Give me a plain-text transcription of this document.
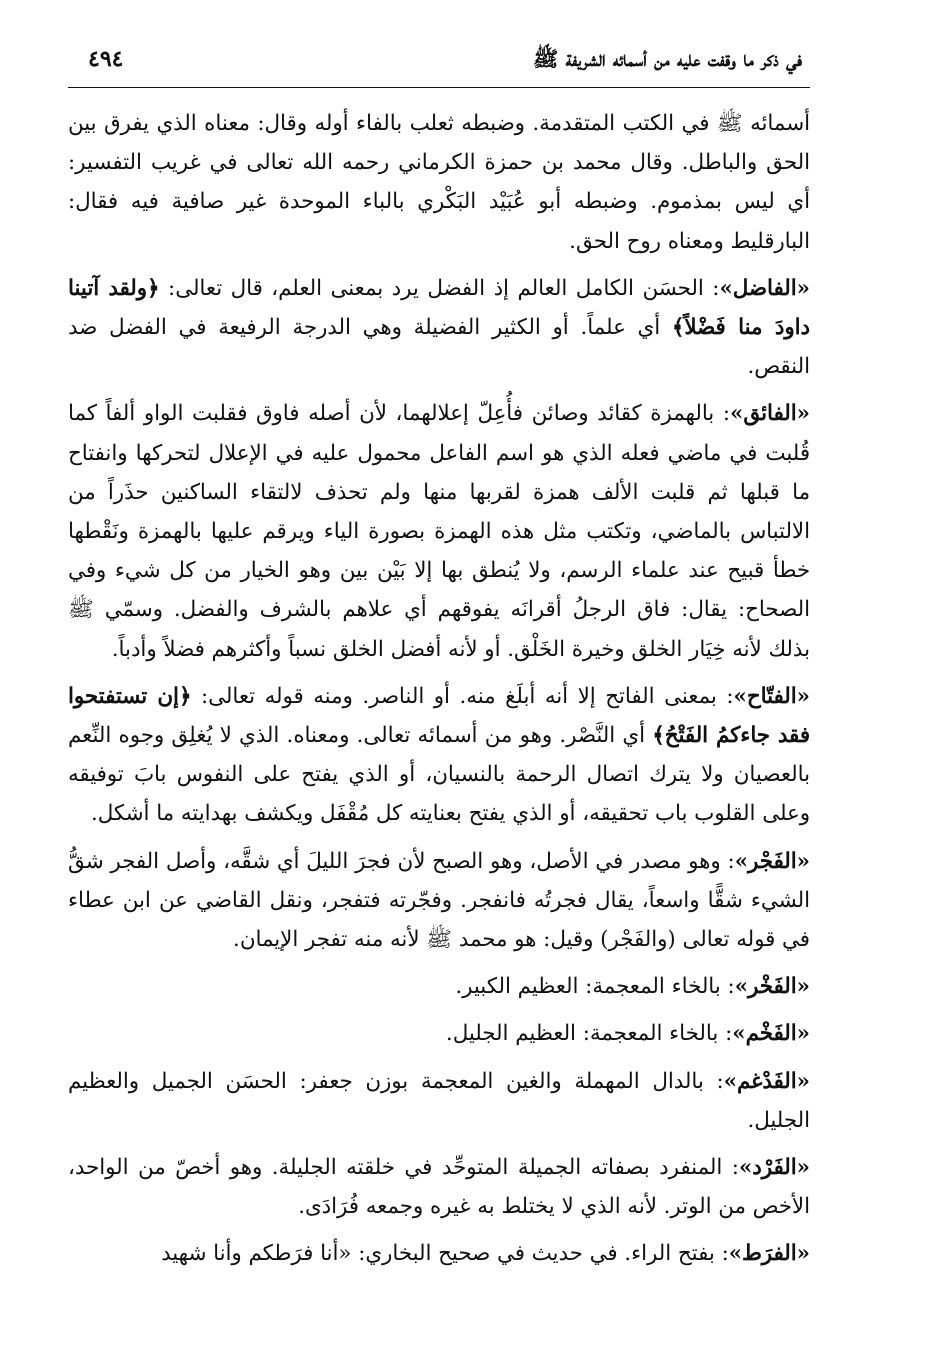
في ذكر ما وقفت عليه من أسمائه الشريفة ﷺ
٤٩٤

أسمائه ﷺ في الكتب المتقدمة. وضبطه ثعلب بالفاء أوله وقال: معناه الذي يفرق بين الحق والباطل. وقال محمد بن حمزة الكرماني رحمه الله تعالى في غريب التفسير: أي ليس بمذموم. وضبطه أبو عُبَيْد البَكْري بالباء الموحدة غير صافية فيه فقال: البارقليط ومعناه روح الحق.

«الفاضل»: الحسَن الكامل العالم إذ الفضل يرد بمعنى العلم، قال تعالى: ﴿ولقد آتينا داودَ منا فَضْلاً﴾ أي علماً. أو الكثير الفضيلة وهي الدرجة الرفيعة في الفضل ضد النقص.

«الفائق»: بالهمزة كقائد وصائن فأُعِلّ إعلالهما، لأن أصله فاوق فقلبت الواو ألفاً كما قُلبت في ماضي فعله الذي هو اسم الفاعل محمول عليه في الإعلال لتحركها وانفتاح ما قبلها ثم قلبت الألف همزة لقربها منها ولم تحذف لالتقاء الساكنين حذَراً من الالتباس بالماضي، وتكتب مثل هذه الهمزة بصورة الياء ويرقم عليها بالهمزة ونَقْطها خطأ قبيح عند علماء الرسم، ولا يُنطق بها إلا بَيْن بين وهو الخيار من كل شيء وفي الصحاح: يقال: فاق الرجلُ أقرانَه يفوقهم أي علاهم بالشرف والفضل. وسمّي ﷺ بذلك لأنه خِيَار الخلق وخيرة الخَلْق. أو لأنه أفضل الخلق نسباً وأكثرهم فضلاً وأدباً.

«الفتّاح»: بمعنى الفاتح إلا أنه أبلَغ منه. أو الناصر. ومنه قوله تعالى: ﴿إن تستفتحوا فقد جاءكمُ الفَتْحُ﴾ أي النَّصْر. وهو من أسمائه تعالى. ومعناه. الذي لا يُغلِق وجوه النِّعم بالعصيان ولا يترك اتصال الرحمة بالنسيان، أو الذي يفتح على النفوس بابَ توفيقه وعلى القلوب باب تحقيقه، أو الذي يفتح بعنايته كل مُقْفَل ويكشف بهدايته ما أشكل.

«الفَجْر»: وهو مصدر في الأصل، وهو الصبح لأن فجرَ الليلَ أي شقَّه، وأصل الفجر شقُّ الشيء شقًّا واسعاً، يقال فجرتُه فانفجر. وفجّرته فتفجر، ونقل القاضي عن ابن عطاء في قوله تعالى (والفَجْر) وقيل: هو محمد ﷺ لأنه منه تفجر الإيمان.

«الفَخْر»: بالخاء المعجمة: العظيم الكبير.

«الفَخْم»: بالخاء المعجمة: العظيم الجليل.

«الفَدْغم»: بالدال المهملة والغين المعجمة بوزن جعفر: الحسَن الجميل والعظيم الجليل.

«الفَرْد»: المنفرد بصفاته الجميلة المتوحِّد في خلقته الجليلة. وهو أخصّ من الواحد، الأخص من الوتر. لأنه الذي لا يختلط به غيره وجمعه فُرَادَى.

«الفرَط»: بفتح الراء. في حديث في صحيح البخاري: «أنا فرَطكم وأنا شهيد
